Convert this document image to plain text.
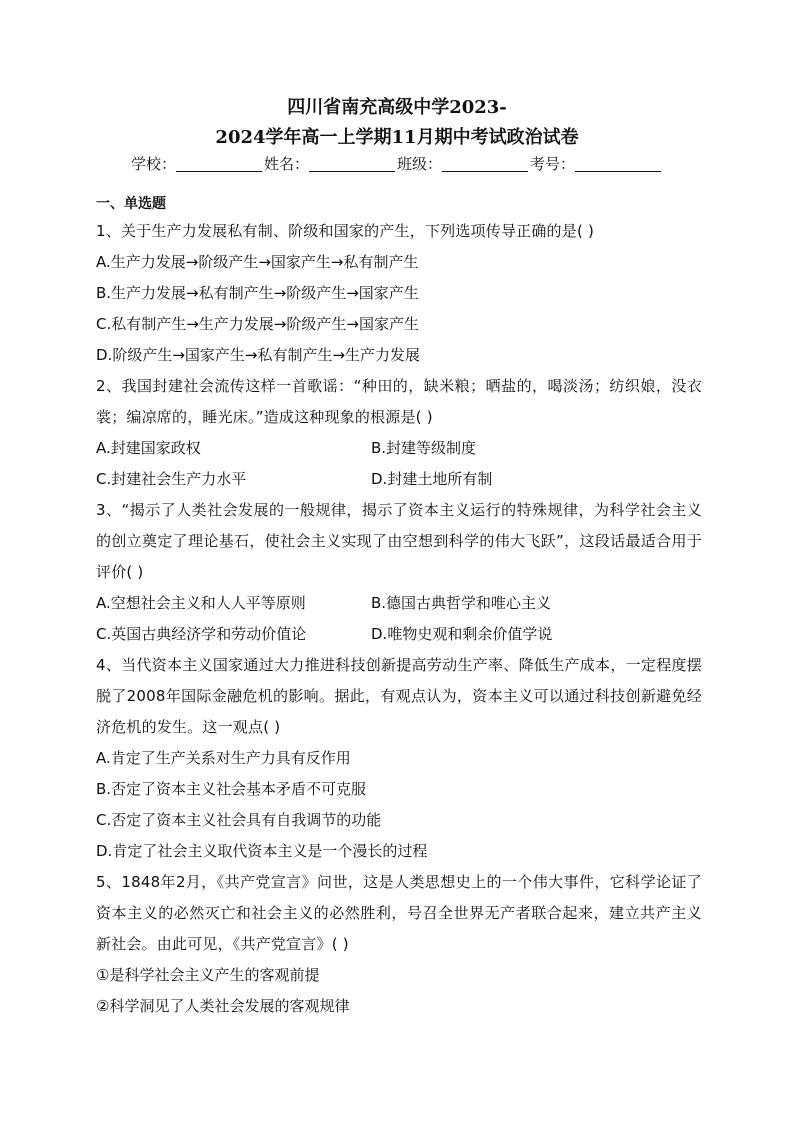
四川省南充高级中学2023-
2024学年高一上学期11月期中考试政治试卷
学校：	姓名：	班级：	考号：
一、单选题

1、关于生产力发展私有制、阶级和国家的产生，下列选项传导正确的是( )

A.生产力发展→阶级产生→国家产生→私有制产生

B.生产力发展→私有制产生→阶级产生→国家产生

C.私有制产生→生产力发展→阶级产生→国家产生

D.阶级产生→国家产生→私有制产生→生产力发展

2、我国封建社会流传这样一首歌谣：“种田的，缺米粮；晒盐的，喝淡汤；纺织娘，没衣裳；编凉席的，睡光床。”造成这种现象的根源是( )

A.封建国家政权	B.封建等级制度
C.封建社会生产力水平	D.封建土地所有制

3、“揭示了人类社会发展的一般规律，揭示了资本主义运行的特殊规律，为科学社会主义的创立奠定了理论基石，使社会主义实现了由空想到科学的伟大飞跃”，这段话最适合用于评价( )

A.空想社会主义和人人平等原则	B.德国古典哲学和唯心主义
C.英国古典经济学和劳动价值论	D.唯物史观和剩余价值学说

4、当代资本主义国家通过大力推进科技创新提高劳动生产率、降低生产成本，一定程度摆脱了2008年国际金融危机的影响。据此，有观点认为，资本主义可以通过科技创新避免经济危机的发生。这一观点( )

A.肯定了生产关系对生产力具有反作用

B.否定了资本主义社会基本矛盾不可克服

C.否定了资本主义社会具有自我调节的功能

D.肯定了社会主义取代资本主义是一个漫长的过程

5、1848年2月，《共产党宣言》问世，这是人类思想史上的一个伟大事件，它科学论证了资本主义的必然灭亡和社会主义的必然胜利，号召全世界无产者联合起来，建立共产主义新社会。由此可见，《共产党宣言》( )

①是科学社会主义产生的客观前提

②科学洞见了人类社会发展的客观规律
